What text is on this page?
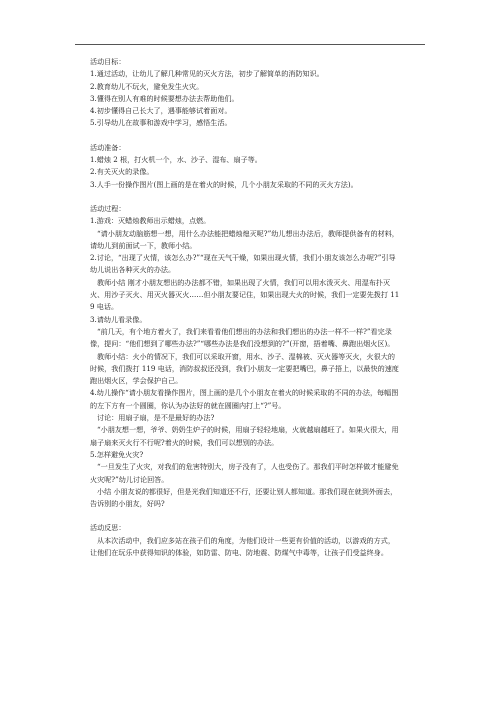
活动目标：

1.通过活动，让幼儿了解几种常见的灭火方法，初步了解简单的消防知识。

2.教育幼儿不玩火，避免发生火灾。

3.懂得在别人有难的时候要想办法去帮助他们。

4.初步懂得自己长大了，遇事能够试着面对。

5.引导幼儿在故事和游戏中学习，感悟生活。

活动准备：

1.蜡烛 2 根，打火机一个，水、沙子、湿布、扇子等。

2.有关灭火的录像。

3.人手一份操作图片(图上画的是在着火的时候，几个小朋友采取的不同的灭火方法)。

活动过程：

1.游戏：灭蜡烛教师出示蜡烛，点燃。

“请小朋友动脑筋想一想，用什么办法能把蜡烛熄灭呢?”幼儿想出办法后，教师提供备有的材料，请幼儿到前面试一下，教师小结。

2.讨论，“出现了火情，该怎么办?”“现在天气干燥，如果出现火情，我们小朋友该怎么办呢?”引导幼儿说出各种灭火的办法。

教师小结 刚才小朋友想出的办法都不错，如果出现了火情，我们可以用水泼灭火、用湿布扑灭火、用沙子灭火、用灭火器灭火……但小朋友要记住，如果出现大火的时候，我们一定要先拨打 119 电话。

3.请幼儿看录像。

“前几天，有个地方着火了，我们来看看他们想出的办法和我们想出的办法一样不一样?”看完录像，提问：“他们想到了哪些办法?”“哪些办法是我们没想到的?”(开窗，捂着嘴、鼻跑出烟火区)。

教师小结：火小的情况下，我们可以采取开窗，用水、沙子、湿棉被、灭火器等灭火，火很大的时候，我们拨打 119 电话，消防叔叔还没到，我们小朋友一定要把嘴巴，鼻子捂上，以最快的速度跑出烟火区，学会保护自己。

4.幼儿操作“请小朋友看操作图片，图上画的是几个小朋友在着火的时候采取的不同的办法，每幅图的左下方有一个圆圈，你认为办法好的就在圆圈内打上“?”号。

讨论：用扇子扇，是不是最好的办法?

“小朋友想一想，爷爷、奶奶生炉子的时候，用扇子轻轻地扇，火就越扇越旺了。如果火很大，用扇子扇来灭火行不行呢?着火的时候，我们可以想别的办法。

5.怎样避免火灾?

“一旦发生了火灾，对我们的危害特别大，房子没有了，人也受伤了。那我们平时怎样做才能避免火灾呢?”幼儿讨论回答。

小结 小朋友说的都很好，但是光我们知道还不行，还要让别人都知道。那我们现在就到外面去，告诉别的小朋友，好吗?

活动反思：

从本次活动中，我们应多站在孩子们的角度，为他们设计一些更有价值的活动，以游戏的方式，让他们在玩乐中获得知识的体验，如防雷、防电、防地震、防煤气中毒等，让孩子们受益终身。
